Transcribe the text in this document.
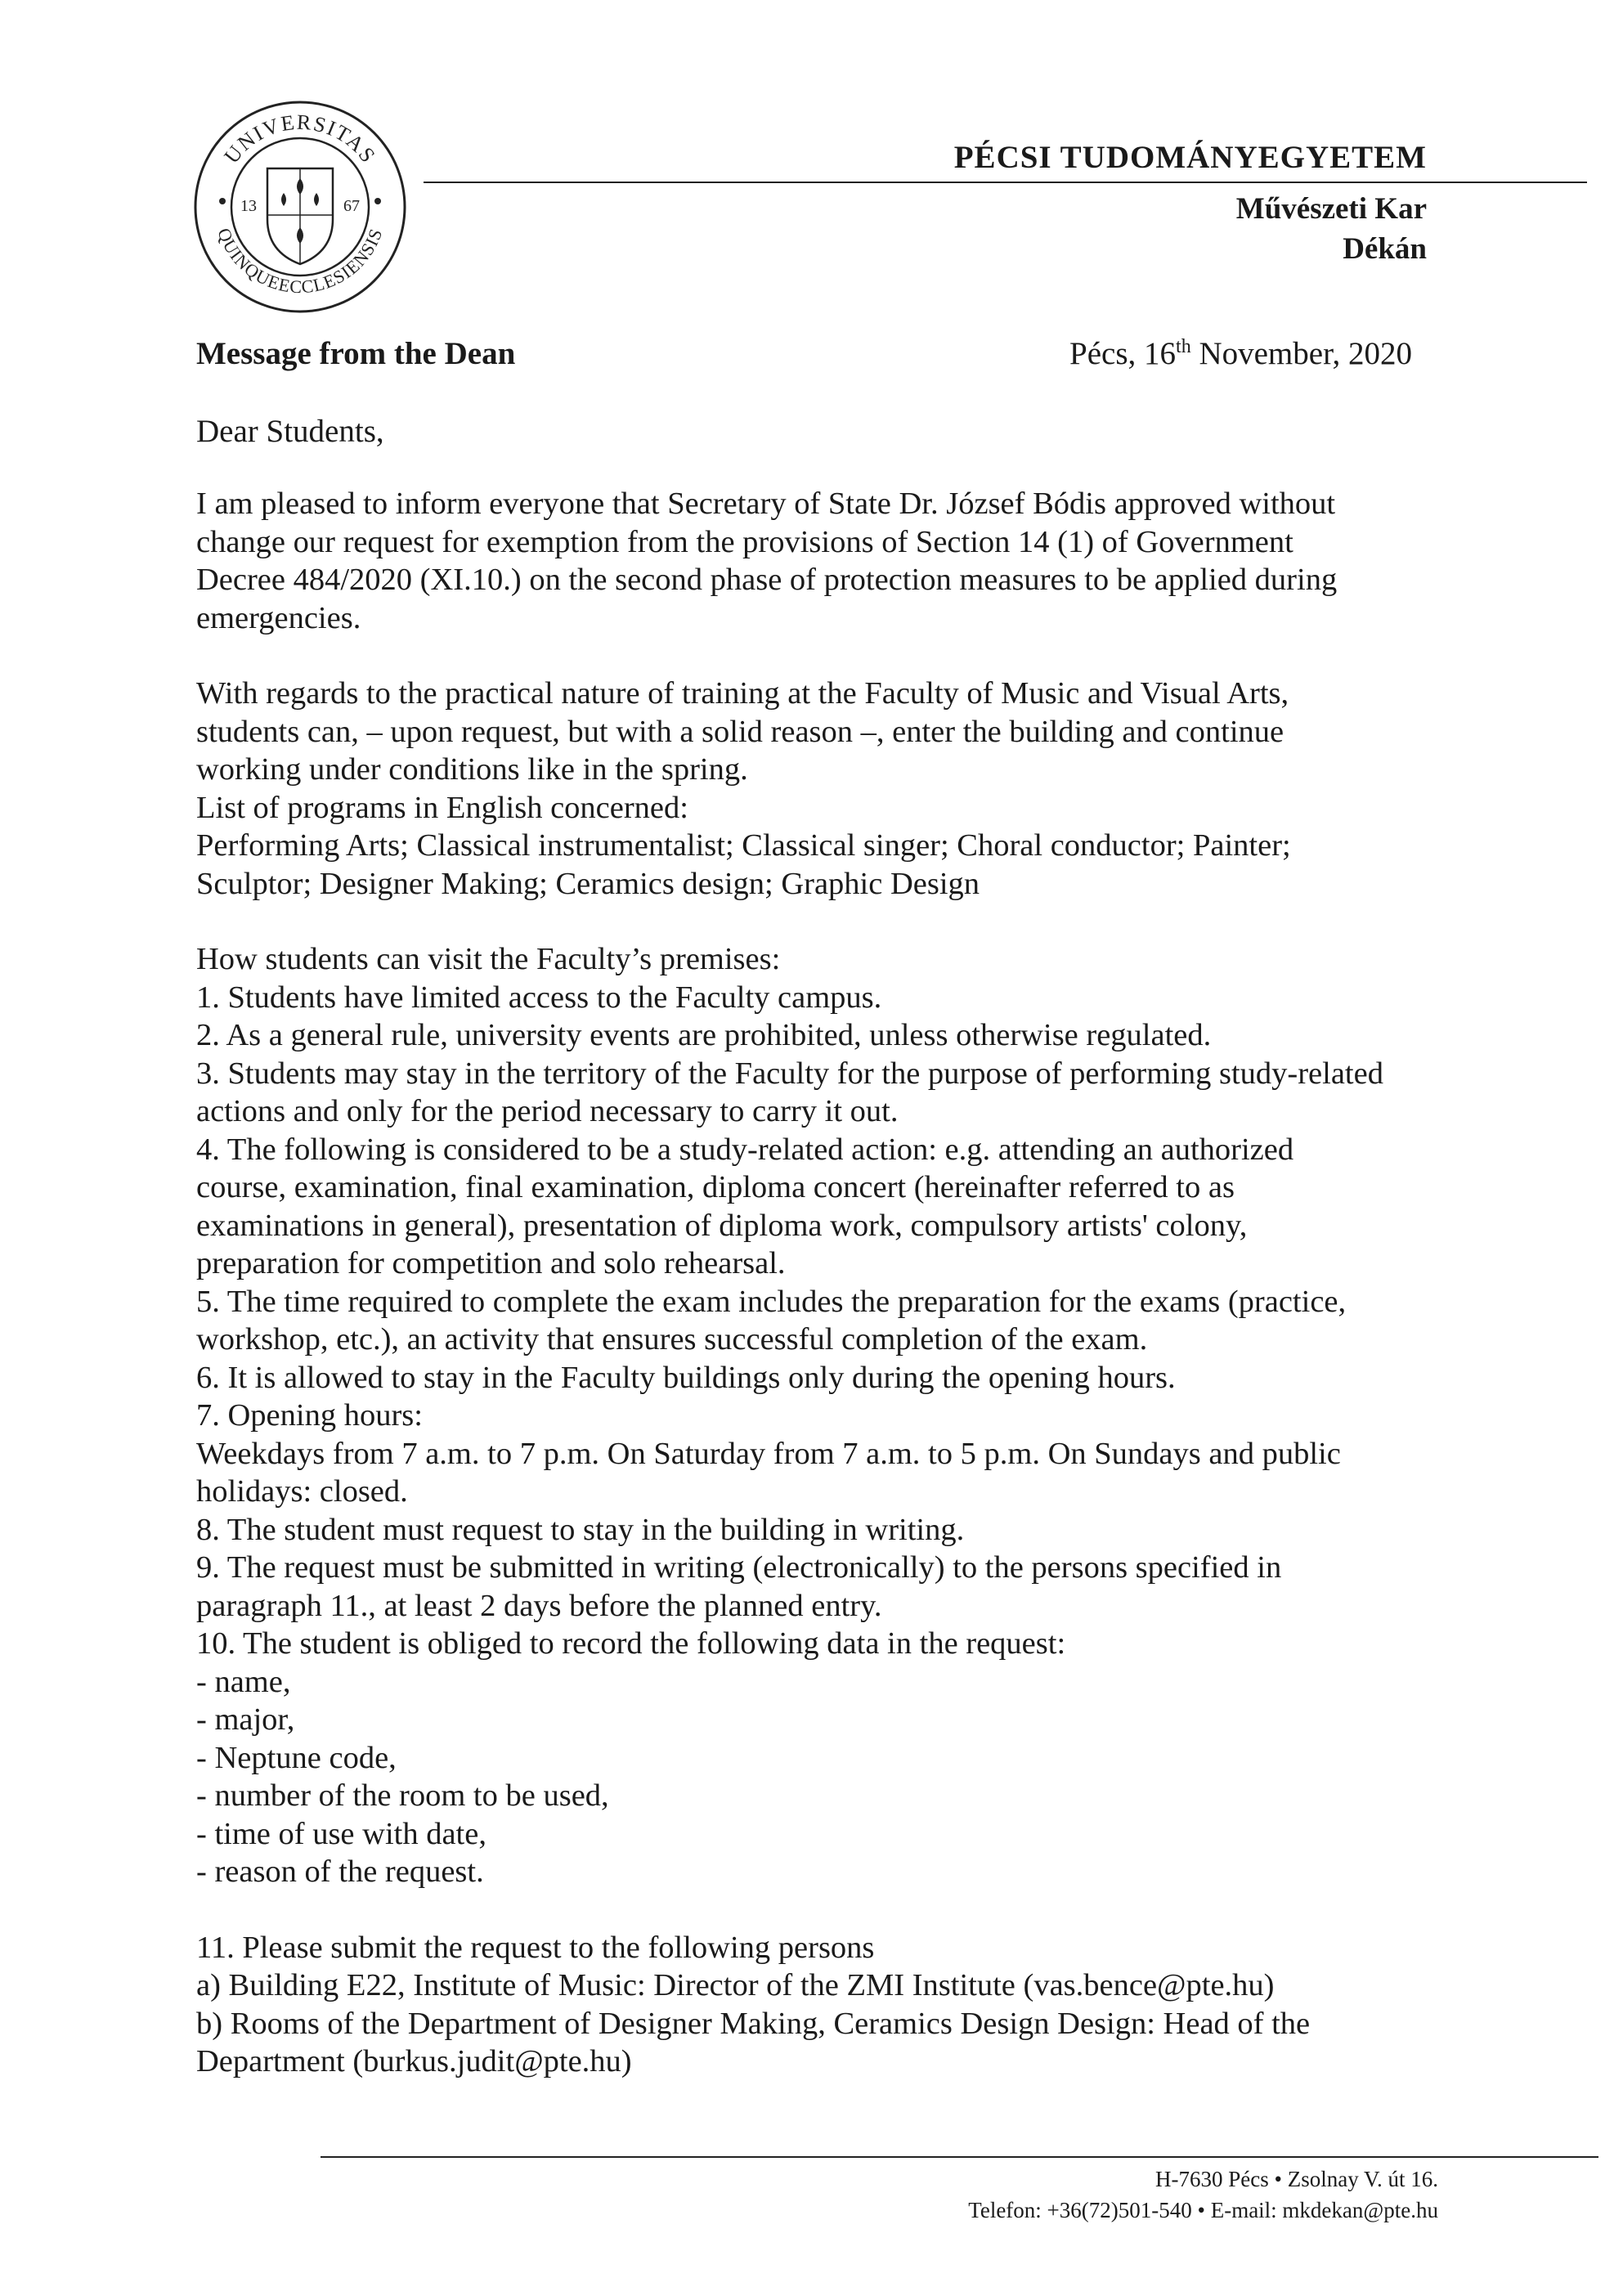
UNIVERSITAS
QUINQUEECCLESIENSIS
13	67
PÉCSI TUDOMÁNYEGYETEM
Művészeti Kar
Dékán
Message from the Dean	Pécs, 16th November, 2020
Dear Students,

I am pleased to inform everyone that Secretary of State Dr. József Bódis approved without
change our request for exemption from the provisions of Section 14 (1) of Government
Decree 484/2020 (XI.10.) on the second phase of protection measures to be applied during
emergencies.

With regards to the practical nature of training at the Faculty of Music and Visual Arts,
students can, – upon request, but with a solid reason –, enter the building and continue
working under conditions like in the spring.
List of programs in English concerned:
Performing Arts; Classical instrumentalist; Classical singer; Choral conductor; Painter;
Sculptor; Designer Making; Ceramics design; Graphic Design

How students can visit the Faculty’s premises:
1. Students have limited access to the Faculty campus.
2. As a general rule, university events are prohibited, unless otherwise regulated.
3. Students may stay in the territory of the Faculty for the purpose of performing study-related
actions and only for the period necessary to carry it out.
4. The following is considered to be a study-related action: e.g. attending an authorized
course, examination, final examination, diploma concert (hereinafter referred to as
examinations in general), presentation of diploma work, compulsory artists' colony,
preparation for competition and solo rehearsal.
5. The time required to complete the exam includes the preparation for the exams (practice,
workshop, etc.), an activity that ensures successful completion of the exam.
6. It is allowed to stay in the Faculty buildings only during the opening hours.
7. Opening hours:
Weekdays from 7 a.m. to 7 p.m. On Saturday from 7 a.m. to 5 p.m. On Sundays and public
holidays: closed.
8. The student must request to stay in the building in writing.
9. The request must be submitted in writing (electronically) to the persons specified in
paragraph 11., at least 2 days before the planned entry.
10. The student is obliged to record the following data in the request:
- name,
- major,
- Neptune code,
- number of the room to be used,
- time of use with date,
- reason of the request.

11. Please submit the request to the following persons
a) Building E22, Institute of Music: Director of the ZMI Institute (vas.bence@pte.hu)
b) Rooms of the Department of Designer Making, Ceramics Design Design: Head of the
Department (burkus.judit@pte.hu)

H-7630 Pécs • Zsolnay V. út 16.
Telefon: +36(72)501-540 • E-mail: mkdekan@pte.hu
